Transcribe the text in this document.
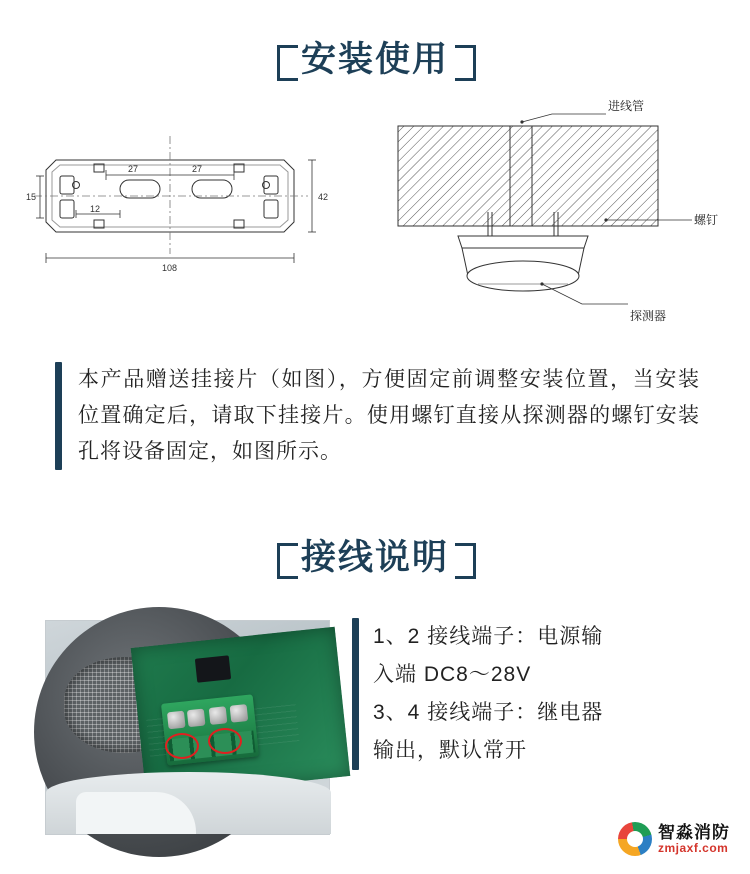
安装使用
27	27
12
42
108
15
进线管
螺钉
探测器
本产品赠送挂接片（如图），方便固定前调整安装位置，当安装位置确定后，请取下挂接片。使用螺钉直接从探测器的螺钉安装孔将设备固定，如图所示。
接线说明
1、2 接线端子：电源输
入端 DC8～28V
3、4 接线端子：继电器
输出，默认常开
智淼消防
zmjaxf.com
